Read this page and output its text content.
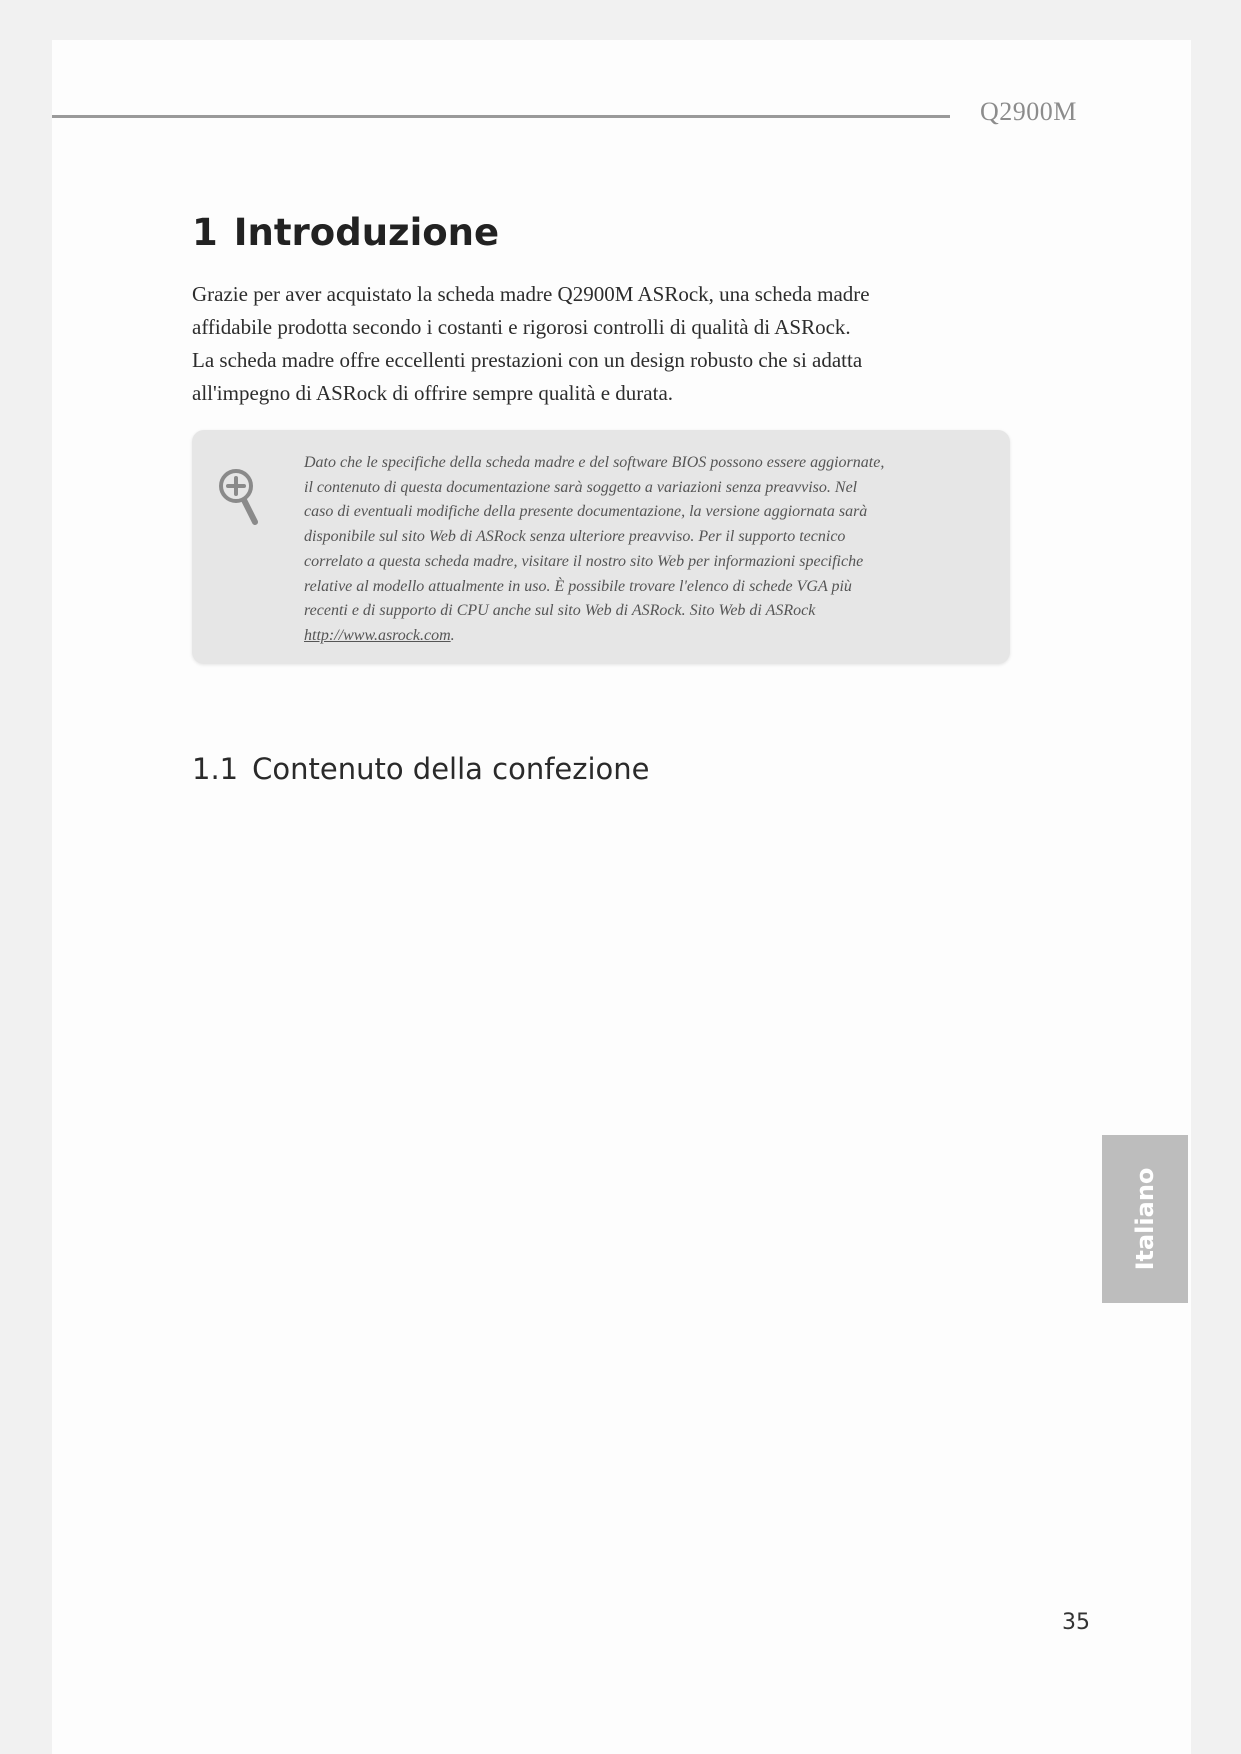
Q2900M
1 Introduzione
Grazie per aver acquistato la scheda madre Q2900M ASRock, una scheda madre
affidabile prodotta secondo i costanti e rigorosi controlli di qualità di ASRock.
La scheda madre offre eccellenti prestazioni con un design robusto che si adatta
all'impegno di ASRock di offrire sempre qualità e durata.
Dato che le specifiche della scheda madre e del software BIOS possono essere aggiornate,
il contenuto di questa documentazione sarà soggetto a variazioni senza preavviso. Nel
caso di eventuali modifiche della presente documentazione, la versione aggiornata sarà
disponibile sul sito Web di ASRock senza ulteriore preavviso. Per il supporto tecnico
correlato a questa scheda madre, visitare il nostro sito Web per informazioni specifiche
relative al modello attualmente in uso. È possibile trovare l'elenco di schede VGA più
recenti e di supporto di CPU anche sul sito Web di ASRock. Sito Web di ASRock
http://www.asrock.com.
1.1 Contenuto della confezione
Italiano
35
